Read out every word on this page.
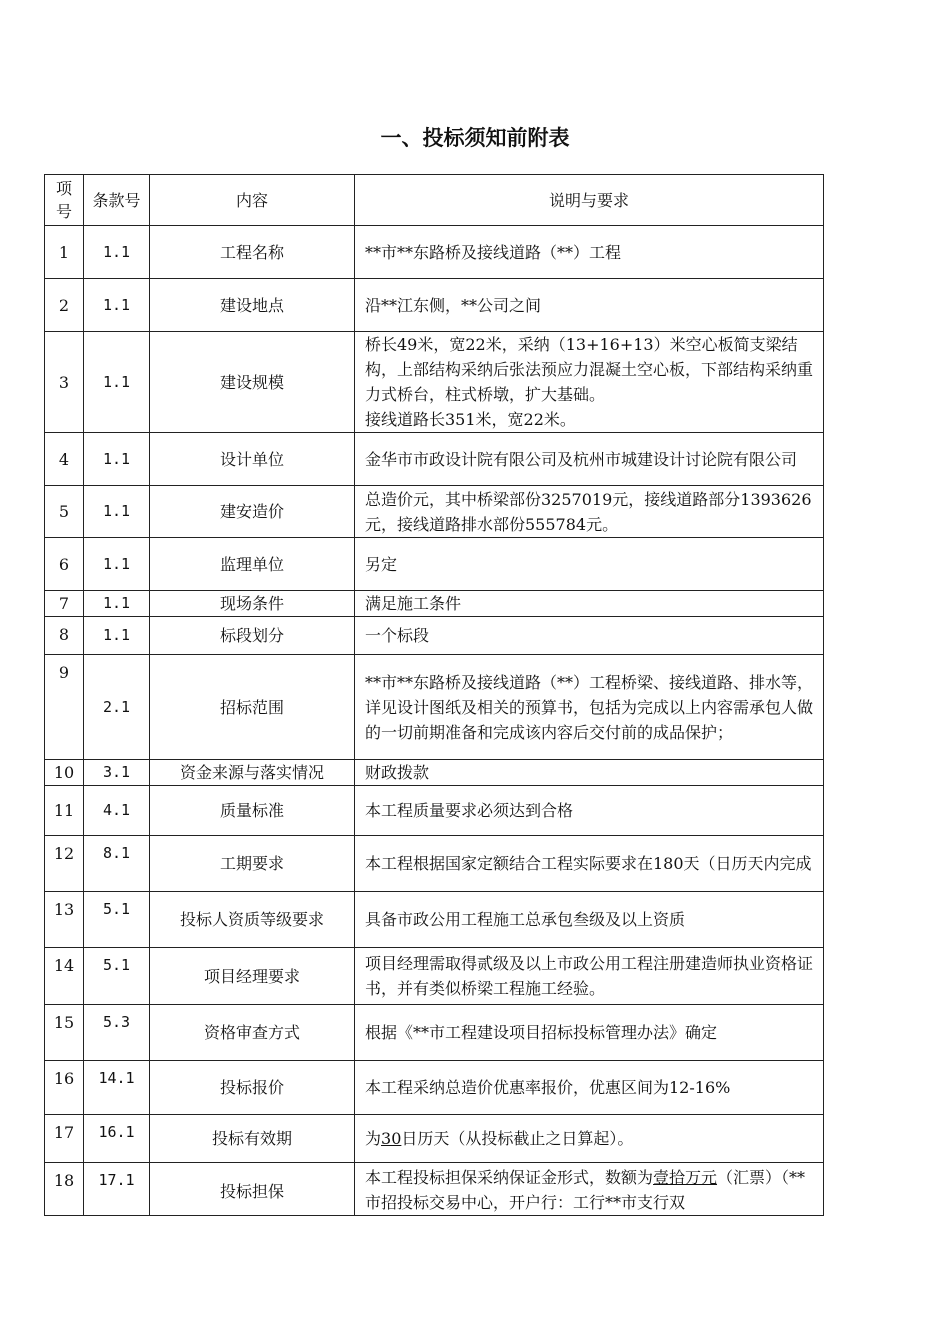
一、投标须知前附表
项号	条款号	内容	说明与要求
1	1.1	工程名称	**市**东路桥及接线道路（**）工程
2	1.1	建设地点	沿**江东侧，**公司之间
3	1.1	建设规模	桥长49米，宽22米，采纳（13+16+13）米空心板简支梁结构，上部结构采纳后张法预应力混凝土空心板，下部结构采纳重力式桥台，柱式桥墩，扩大基础。
接线道路长351米，宽22米。
4	1.1	设计单位	金华市市政设计院有限公司及杭州市城建设计讨论院有限公司
5	1.1	建安造价	总造价元，其中桥梁部份3257019元，接线道路部分1393626元，接线道路排水部份555784元。
6	1.1	监理单位	另定
7	1.1	现场条件	满足施工条件
8	1.1	标段划分	一个标段
9	2.1	招标范围	**市**东路桥及接线道路（**）工程桥梁、接线道路、排水等，详见设计图纸及相关的预算书，包括为完成以上内容需承包人做的一切前期准备和完成该内容后交付前的成品保护；
10	3.1	资金来源与落实情况	财政拨款
11	4.1	质量标准	本工程质量要求必须达到合格
12	8.1	工期要求	本工程根据国家定额结合工程实际要求在180天（日历天内完成
13	5.1	投标人资质等级要求	具备市政公用工程施工总承包叁级及以上资质
14	5.1	项目经理要求	项目经理需取得贰级及以上市政公用工程注册建造师执业资格证书，并有类似桥梁工程施工经验。
15	5.3	资格审查方式	根据《**市工程建设项目招标投标管理办法》确定
16	14.1	投标报价	本工程采纳总造价优惠率报价，优惠区间为12-16%
17	16.1	投标有效期	为30日历天（从投标截止之日算起）。
18	17.1	投标担保	本工程投标担保采纳保证金形式，数额为壹拾万元（汇票）（**市招投标交易中心，开户行：工行**市支行双
